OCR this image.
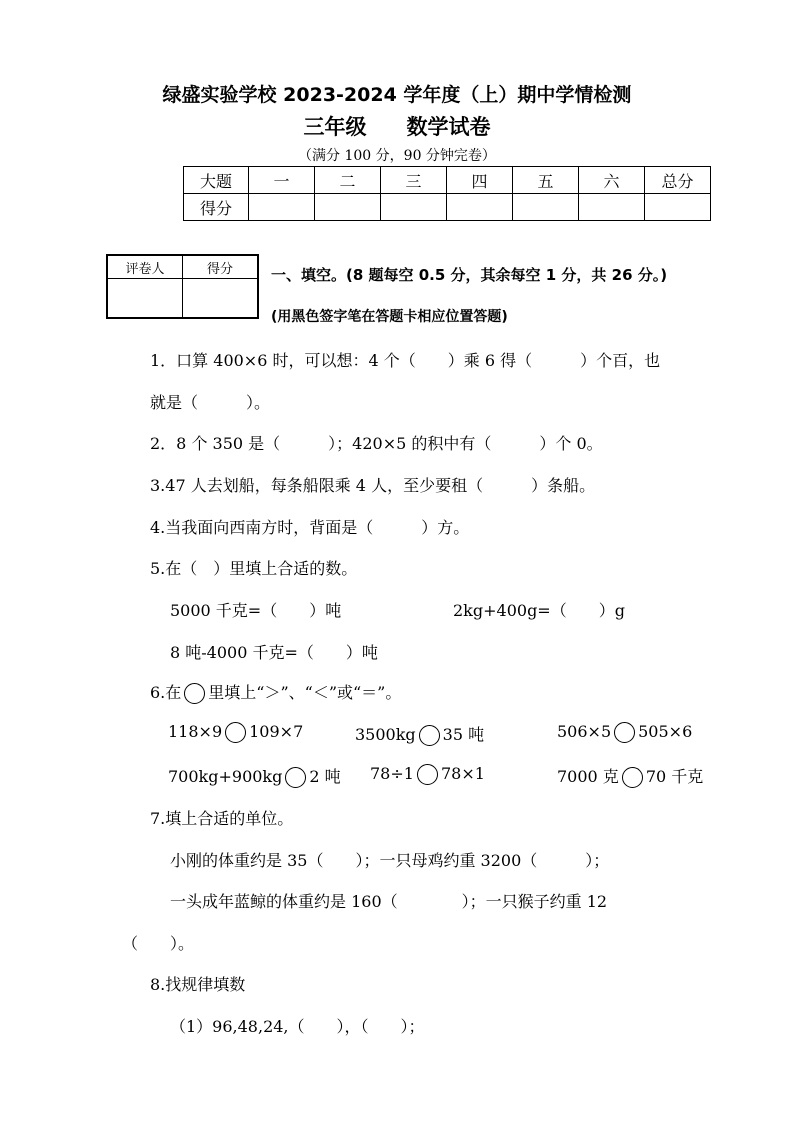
绿盛实验学校 2023-2024 学年度（上）期中学情检测
三年级 数学试卷
（满分 100 分，90 分钟完卷）
大题	一	二	三	四	五	六	总分
得分							
评卷人	得分
		一、填空。(8 题每空 0.5 分，其余每空 1 分，共 26 分。)
(用黑色签字笔在答题卡相应位置答题)
1．口算 400×6 时，可以想：4 个（　　）乘 6 得（　　　）个百，也
就是（　　　）。
2．8 个 350 是（　　　）；420×5 的积中有（　　　）个 0。
3.47 人去划船，每条船限乘 4 人，至少要租（　　　）条船。
4.当我面向西南方时，背面是（　　　）方。
5.在（　）里填上合适的数。
5000 千克=（　　）吨	2kg+400g=（　　）g
8 吨-4000 千克=（　　）吨
6.在 里填上“＞”、“＜”或“＝”。
118×9 109×7	3500kg 35 吨	506×5 505×6
700kg+900kg 2 吨 78÷1 78×1	7000 克 70 千克
7.填上合适的单位。
小刚的体重约是 35（　　）；一只母鸡约重 3200（　　　）；
一头成年蓝鲸的体重约是 160（　　　　）；一只猴子约重 12
（　　）。
8.找规律填数
（1）96,48,24,（　　），（　　）；
